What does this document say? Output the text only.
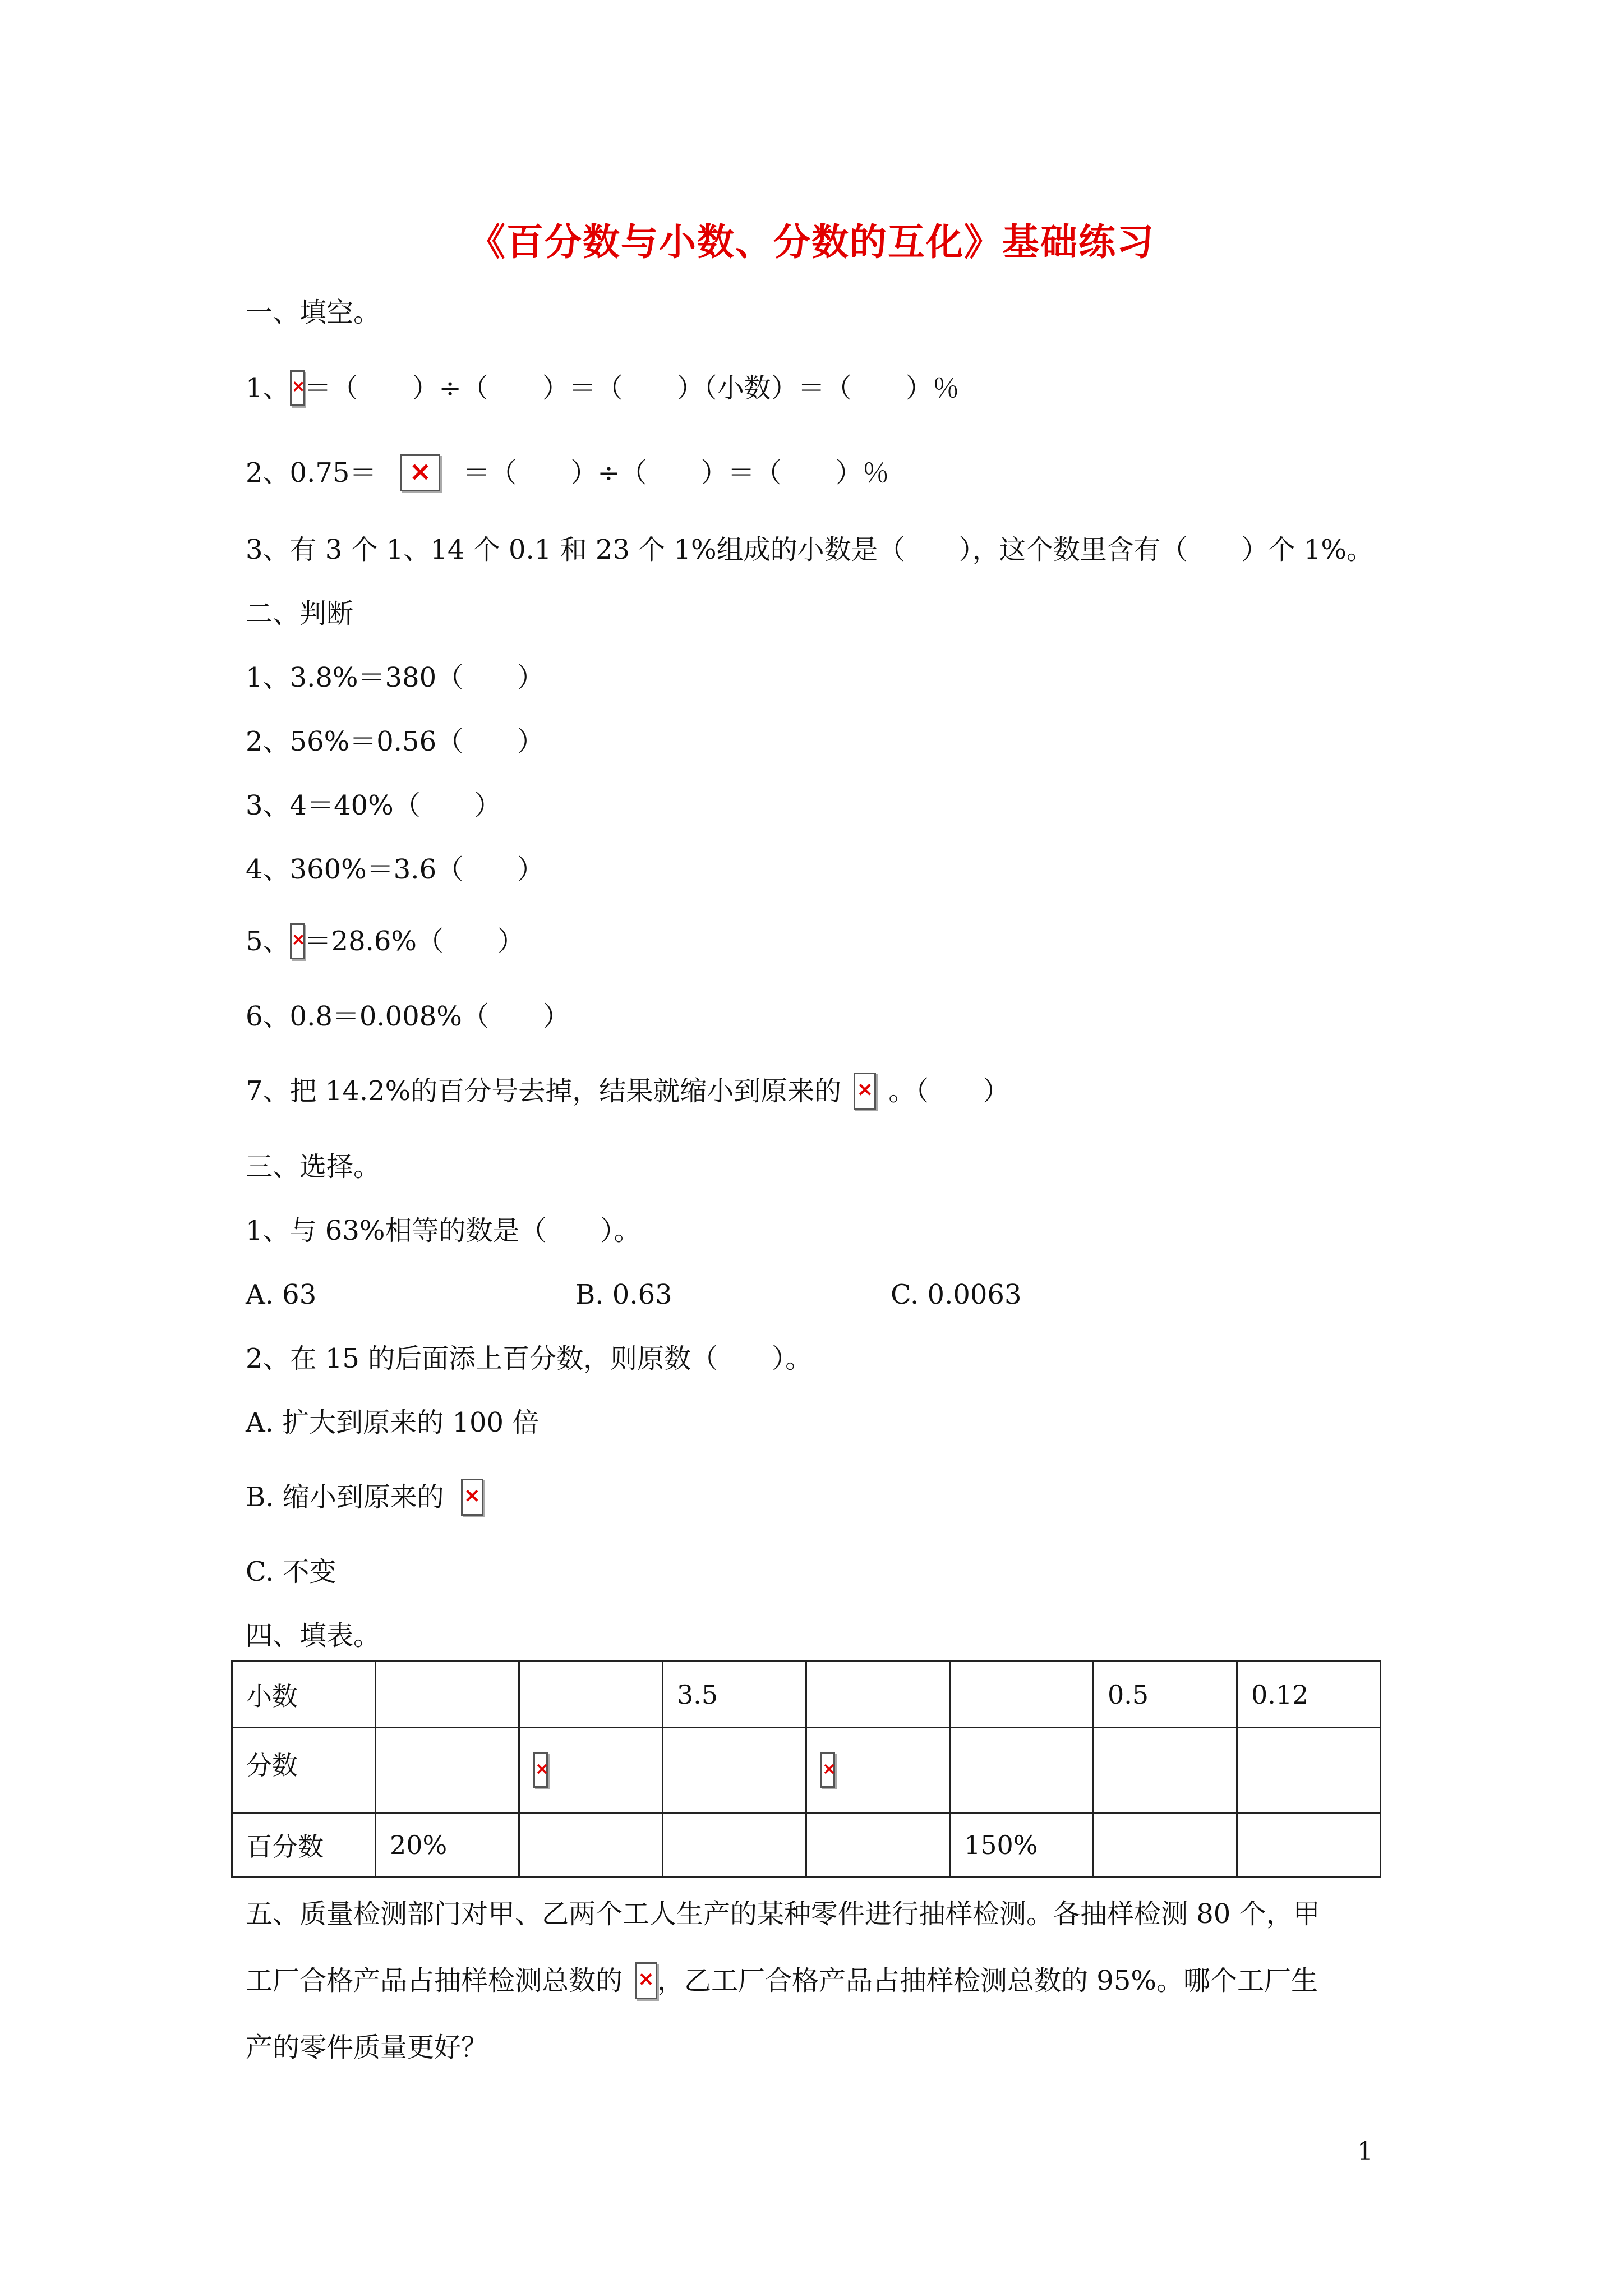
《百分数与小数、分数的互化》基础练习
一、填空。
1、 × ＝（　　）÷（　　）＝（　　）（小数）＝（　　）％
2、0.75＝ ×	＝（　　）÷（　　）＝（　　）％
3、有 3 个 1、14 个 0.1 和 23 个 1%组成的小数是（　　），这个数里含有（　　）个 1%。
二、判断
1、3.8%＝380（　　）
2、56%＝0.56（　　）
3、4＝40%（　　）
4、360%＝3.6（　　）
5、 × ＝28.6%（　　）
6、0.8＝0.008%（　　）
7、把 14.2%的百分号去掉，结果就缩小到原来的 × 。（　　）
三、选择。
1、与 63%相等的数是（　　）。
A. 63	B. 0.63	C. 0.0063
2、在 15 的后面添上百分数，则原数（　　）。
A. 扩大到原来的 100 倍
B. 缩小到原来的
×
C. 不变
四、填表。
小数			3.5			0.5	0.12
分数		×		×			
百分数	20%				150%		
五、质量检测部门对甲、乙两个工人生产的某种零件进行抽样检测。各抽样检测 80 个，甲
工厂合格产品占抽样检测总数的 × ，乙工厂合格产品占抽样检测总数的 95%。哪个工厂生
产的零件质量更好？
1
